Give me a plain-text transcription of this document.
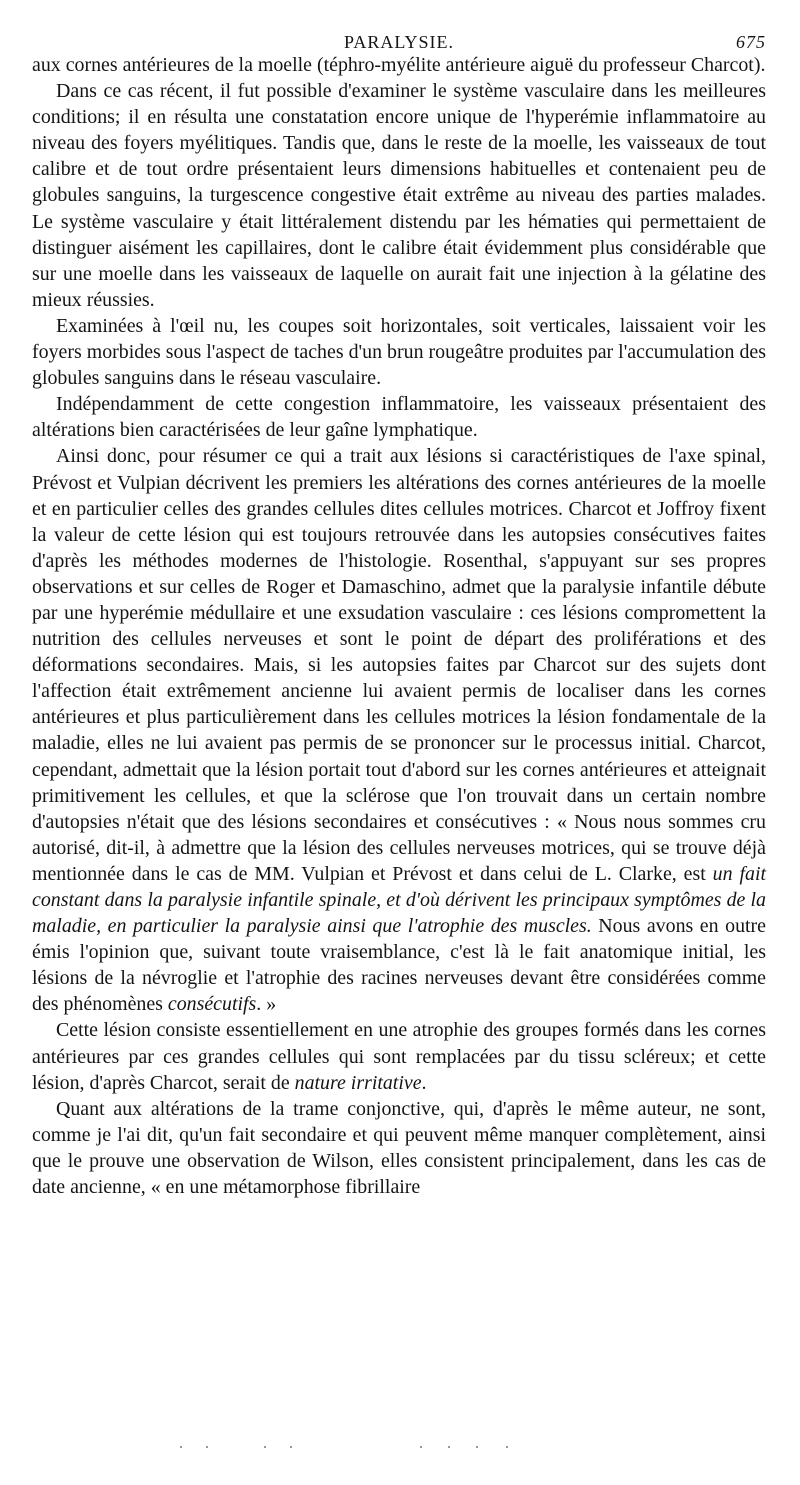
PARALYSIE.	675

aux cornes antérieures de la moelle (téphro-myélite antérieure aiguë du professeur Charcot).

Dans ce cas récent, il fut possible d'examiner le système vasculaire dans les meilleures conditions; il en résulta une constatation encore unique de l'hyperémie inflammatoire au niveau des foyers myélitiques. Tandis que, dans le reste de la moelle, les vaisseaux de tout calibre et de tout ordre présentaient leurs dimensions habituelles et contenaient peu de globules sanguins, la turgescence congestive était extrême au niveau des parties malades. Le système vasculaire y était littéralement distendu par les hématies qui permettaient de distinguer aisément les capillaires, dont le calibre était évidemment plus considérable que sur une moelle dans les vaisseaux de laquelle on aurait fait une injection à la gélatine des mieux réussies.

Examinées à l'œil nu, les coupes soit horizontales, soit verticales, laissaient voir les foyers morbides sous l'aspect de taches d'un brun rougeâtre produites par l'accumulation des globules sanguins dans le réseau vasculaire.

Indépendamment de cette congestion inflammatoire, les vaisseaux présentaient des altérations bien caractérisées de leur gaîne lymphatique.

Ainsi donc, pour résumer ce qui a trait aux lésions si caractéristiques de l'axe spinal, Prévost et Vulpian décrivent les premiers les altérations des cornes antérieures de la moelle et en particulier celles des grandes cellules dites cellules motrices. Charcot et Joffroy fixent la valeur de cette lésion qui est toujours retrouvée dans les autopsies consécutives faites d'après les méthodes modernes de l'histologie. Rosenthal, s'appuyant sur ses propres observations et sur celles de Roger et Damaschino, admet que la paralysie infantile débute par une hyperémie médullaire et une exsudation vasculaire : ces lésions compromettent la nutrition des cellules nerveuses et sont le point de départ des proliférations et des déformations secondaires. Mais, si les autopsies faites par Charcot sur des sujets dont l'affection était extrêmement ancienne lui avaient permis de localiser dans les cornes antérieures et plus particulièrement dans les cellules motrices la lésion fondamentale de la maladie, elles ne lui avaient pas permis de se prononcer sur le processus initial. Charcot, cependant, admettait que la lésion portait tout d'abord sur les cornes antérieures et atteignait primitivement les cellules, et que la sclérose que l'on trouvait dans un certain nombre d'autopsies n'était que des lésions secondaires et consécutives : « Nous nous sommes cru autorisé, dit-il, à admettre que la lésion des cellules nerveuses motrices, qui se trouve déjà mentionnée dans le cas de MM. Vulpian et Prévost et dans celui de L. Clarke, est un fait constant dans la paralysie infantile spinale, et d'où dérivent les principaux symptômes de la maladie, en particulier la paralysie ainsi que l'atrophie des muscles. Nous avons en outre émis l'opinion que, suivant toute vraisemblance, c'est là le fait anatomique initial, les lésions de la névroglie et l'atrophie des racines nerveuses devant être considérées comme des phénomènes consécutifs. »

Cette lésion consiste essentiellement en une atrophie des groupes formés dans les cornes antérieures par ces grandes cellules qui sont remplacées par du tissu scléreux; et cette lésion, d'après Charcot, serait de nature irritative.

Quant aux altérations de la trame conjonctive, qui, d'après le même auteur, ne sont, comme je l'ai dit, qu'un fait secondaire et qui peuvent même manquer complètement, ainsi que le prouve une observation de Wilson, elles consistent principalement, dans les cas de date ancienne, « en une métamorphose fibrillaire
